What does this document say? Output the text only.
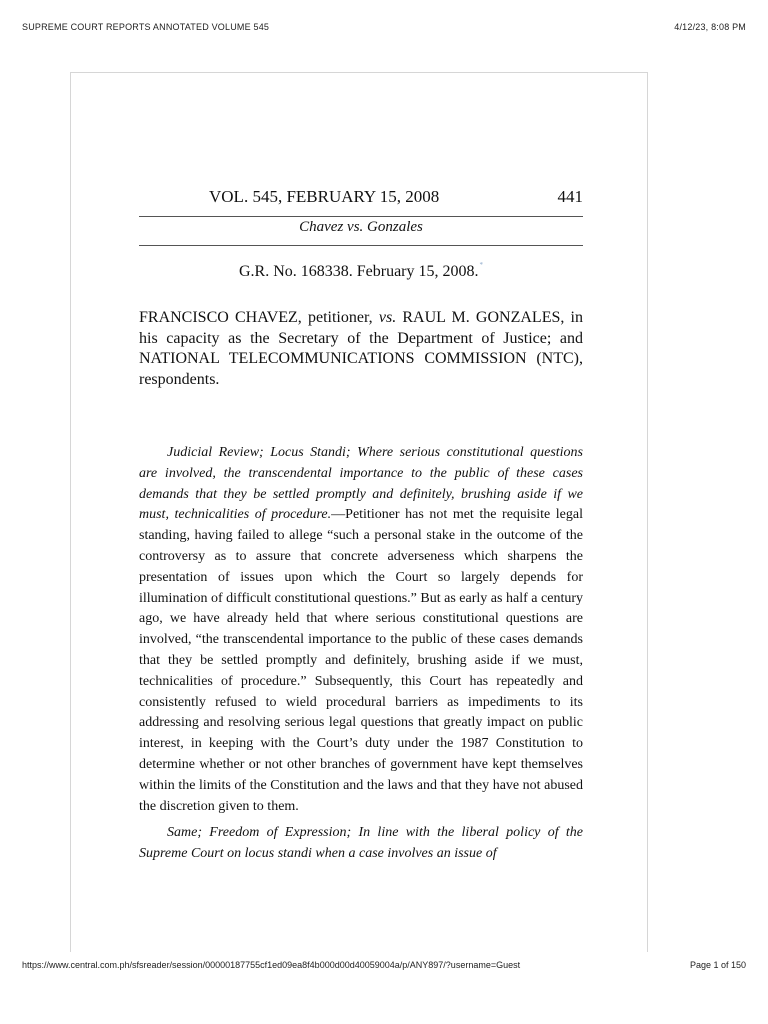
SUPREME COURT REPORTS ANNOTATED VOLUME 545	4/12/23, 8:08 PM
VOL. 545, FEBRUARY 15, 2008	441
Chavez vs. Gonzales
G.R. No. 168338. February 15, 2008.*
FRANCISCO CHAVEZ, petitioner, vs. RAUL M. GONZALES, in his capacity as the Secretary of the Department of Justice; and NATIONAL TELECOMMUNICATIONS COMMISSION (NTC), respondents.

Judicial Review; Locus Standi; Where serious constitutional questions are involved, the transcendental importance to the public of these cases demands that they be settled promptly and definitely, brushing aside if we must, technicalities of procedure.—Petitioner has not met the requisite legal standing, having failed to allege “such a personal stake in the outcome of the controversy as to assure that concrete adverseness which sharpens the presentation of issues upon which the Court so largely depends for illumination of difficult constitutional questions.” But as early as half a century ago, we have already held that where serious constitutional questions are involved, “the transcendental importance to the public of these cases demands that they be settled promptly and definitely, brushing aside if we must, technicalities of procedure.” Subsequently, this Court has repeatedly and consistently refused to wield procedural barriers as impediments to its addressing and resolving serious legal questions that greatly impact on public interest, in keeping with the Court’s duty under the 1987 Constitution to determine whether or not other branches of government have kept themselves within the limits of the Constitution and the laws and that they have not abused the discretion given to them.

Same; Freedom of Expression; In line with the liberal policy of the Supreme Court on locus standi when a case involves an issue of

https://www.central.com.ph/sfsreader/session/00000187755cf1ed09ea8f4b000d00d40059004a/p/ANY897/?username=Guest	Page 1 of 150
